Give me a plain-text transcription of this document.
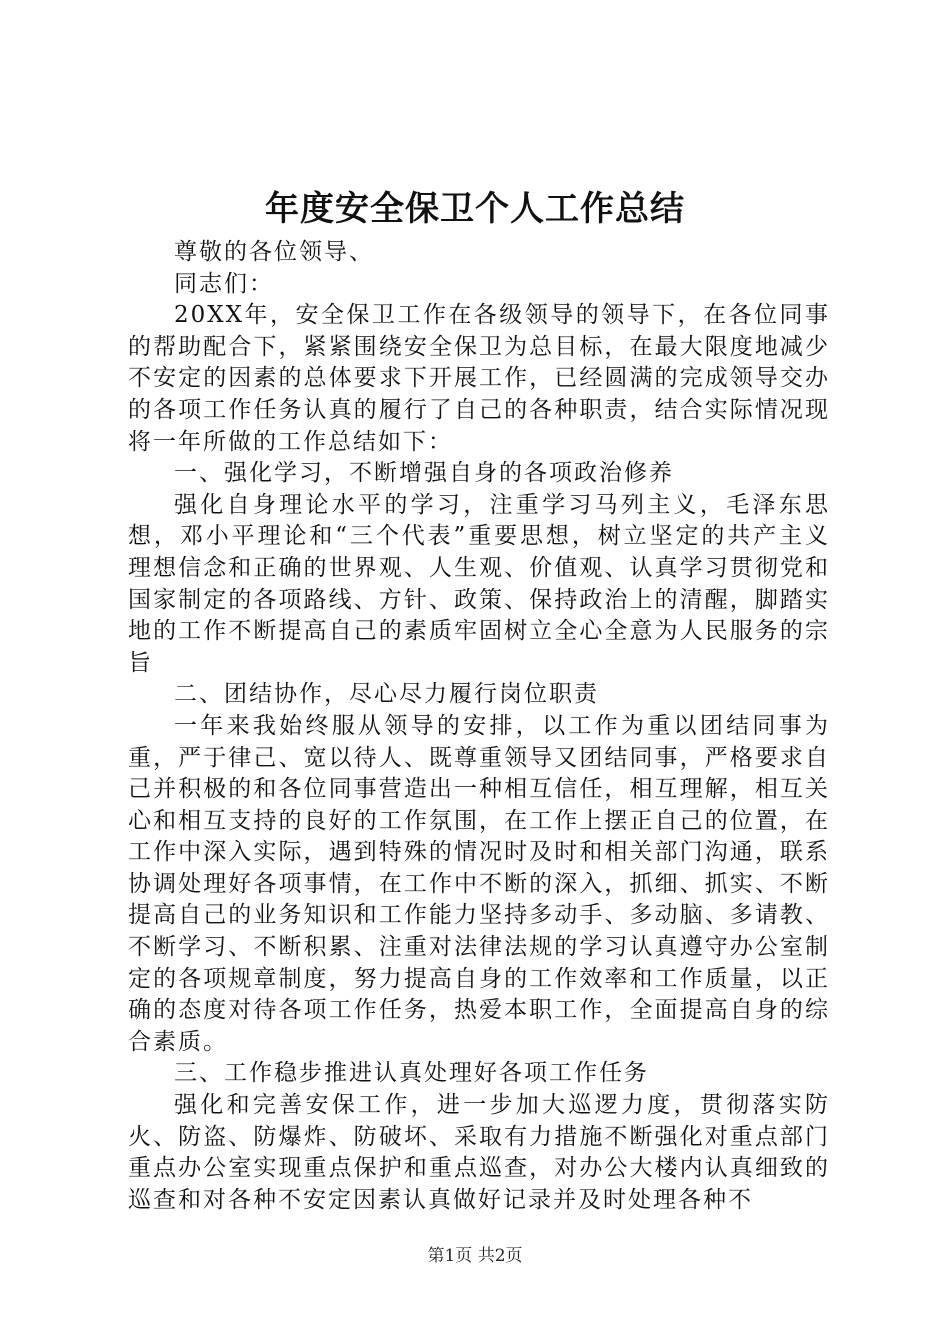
年度安全保卫个人工作总结

尊敬的各位领导、

同志们：

20XX年，安全保卫工作在各级领导的领导下，在各位同事的帮助配合下，紧紧围绕安全保卫为总目标，在最大限度地减少不安定的因素的总体要求下开展工作，已经圆满的完成领导交办的各项工作任务认真的履行了自己的各种职责，结合实际情况现将一年所做的工作总结如下：

一、强化学习，不断增强自身的各项政治修养

强化自身理论水平的学习，注重学习马列主义，毛泽东思想，邓小平理论和“三个代表”重要思想，树立坚定的共产主义理想信念和正确的世界观、人生观、价值观、认真学习贯彻党和国家制定的各项路线、方针、政策、保持政治上的清醒，脚踏实地的工作不断提高自己的素质牢固树立全心全意为人民服务的宗旨

二、团结协作，尽心尽力履行岗位职责

一年来我始终服从领导的安排，以工作为重以团结同事为重，严于律己、宽以待人、既尊重领导又团结同事，严格要求自己并积极的和各位同事营造出一种相互信任，相互理解，相互关心和相互支持的良好的工作氛围，在工作上摆正自己的位置，在工作中深入实际，遇到特殊的情况时及时和相关部门沟通，联系协调处理好各项事情，在工作中不断的深入，抓细、抓实、不断提高自己的业务知识和工作能力坚持多动手、多动脑、多请教、不断学习、不断积累、注重对法律法规的学习认真遵守办公室制定的各项规章制度，努力提高自身的工作效率和工作质量，以正确的态度对待各项工作任务，热爱本职工作，全面提高自身的综合素质。

三、工作稳步推进认真处理好各项工作任务

强化和完善安保工作，进一步加大巡逻力度，贯彻落实防火、防盗、防爆炸、防破坏、采取有力措施不断强化对重点部门重点办公室实现重点保护和重点巡查，对办公大楼内认真细致的巡查和对各种不安定因素认真做好记录并及时处理各种不

第1页 共2页
